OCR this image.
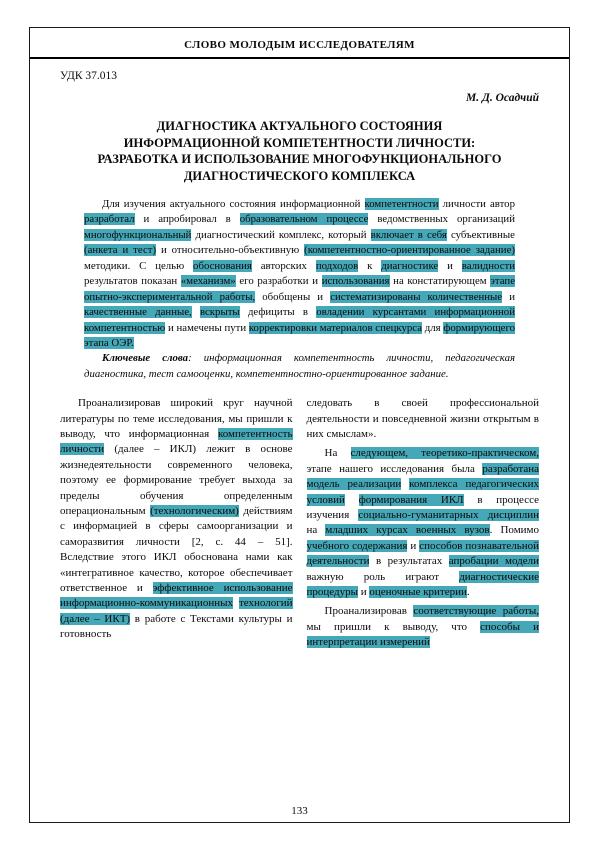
СЛОВО МОЛОДЫМ ИССЛЕДОВАТЕЛЯМ
УДК 37.013
М. Д. Осадчий
ДИАГНОСТИКА АКТУАЛЬНОГО СОСТОЯНИЯ
ИНФОРМАЦИОННОЙ КОМПЕТЕНТНОСТИ ЛИЧНОСТИ:
РАЗРАБОТКА И ИСПОЛЬЗОВАНИЕ МНОГОФУНКЦИОНАЛЬНОГО
ДИАГНОСТИЧЕСКОГО КОМПЛЕКСА

Для изучения актуального состояния информационной компетентности личности автор разработал и апробировал в образовательном процессе ведомственных организаций многофункциональный диагностический комплекс, который включает в себя субъективные (анкета и тест) и относительно-объективную (компетентностно-ориентированное задание) методики. С целью обоснования авторских подходов к диагностике и валидности результатов показан «механизм» его разработки и использования на констатирующем этапе опытно-экспериментальной работы, обобщены и систематизированы количественные и качественные данные, вскрыты дефициты в овладении курсантами информационной компетентностью и намечены пути корректировки материалов спецкурса для формирующего этапа ОЭР.

Ключевые слова: информационная компетентность личности, педагогическая диагностика, тест самооценки, компетентностно-ориентированное задание.

Проанализировав широкий круг научной литературы по теме исследования, мы пришли к выводу, что информационная компетентность личности (далее – ИКЛ) лежит в основе жизнедеятельности современного человека, поэтому ее формирование требует выхода за пределы обучения определенным операциональным (технологическим) действиям с информацией в сферы самоорганизации и саморазвития личности [2, с. 44 – 51]. Вследствие этого ИКЛ обоснована нами как «интегративное качество, которое обеспечивает ответственное и эффективное использование информационно-коммуникационных технологий (далее – ИКТ) в работе с Текстами культуры и готовность

следовать в своей профессиональной деятельности и повседневной жизни открытым в них смыслам».

На следующем, теоретико-практическом, этапе нашего исследования была разработана модель реализации комплекса педагогических условий формирования ИКЛ в процессе изучения социально-гуманитарных дисциплин на младших курсах военных вузов. Помимо учебного содержания и способов познавательной деятельности в результатах апробации модели важную роль играют диагностические процедуры и оценочные критерии.

Проанализировав соответствующие работы, мы пришли к выводу, что способы и интерпретации измерений

133
